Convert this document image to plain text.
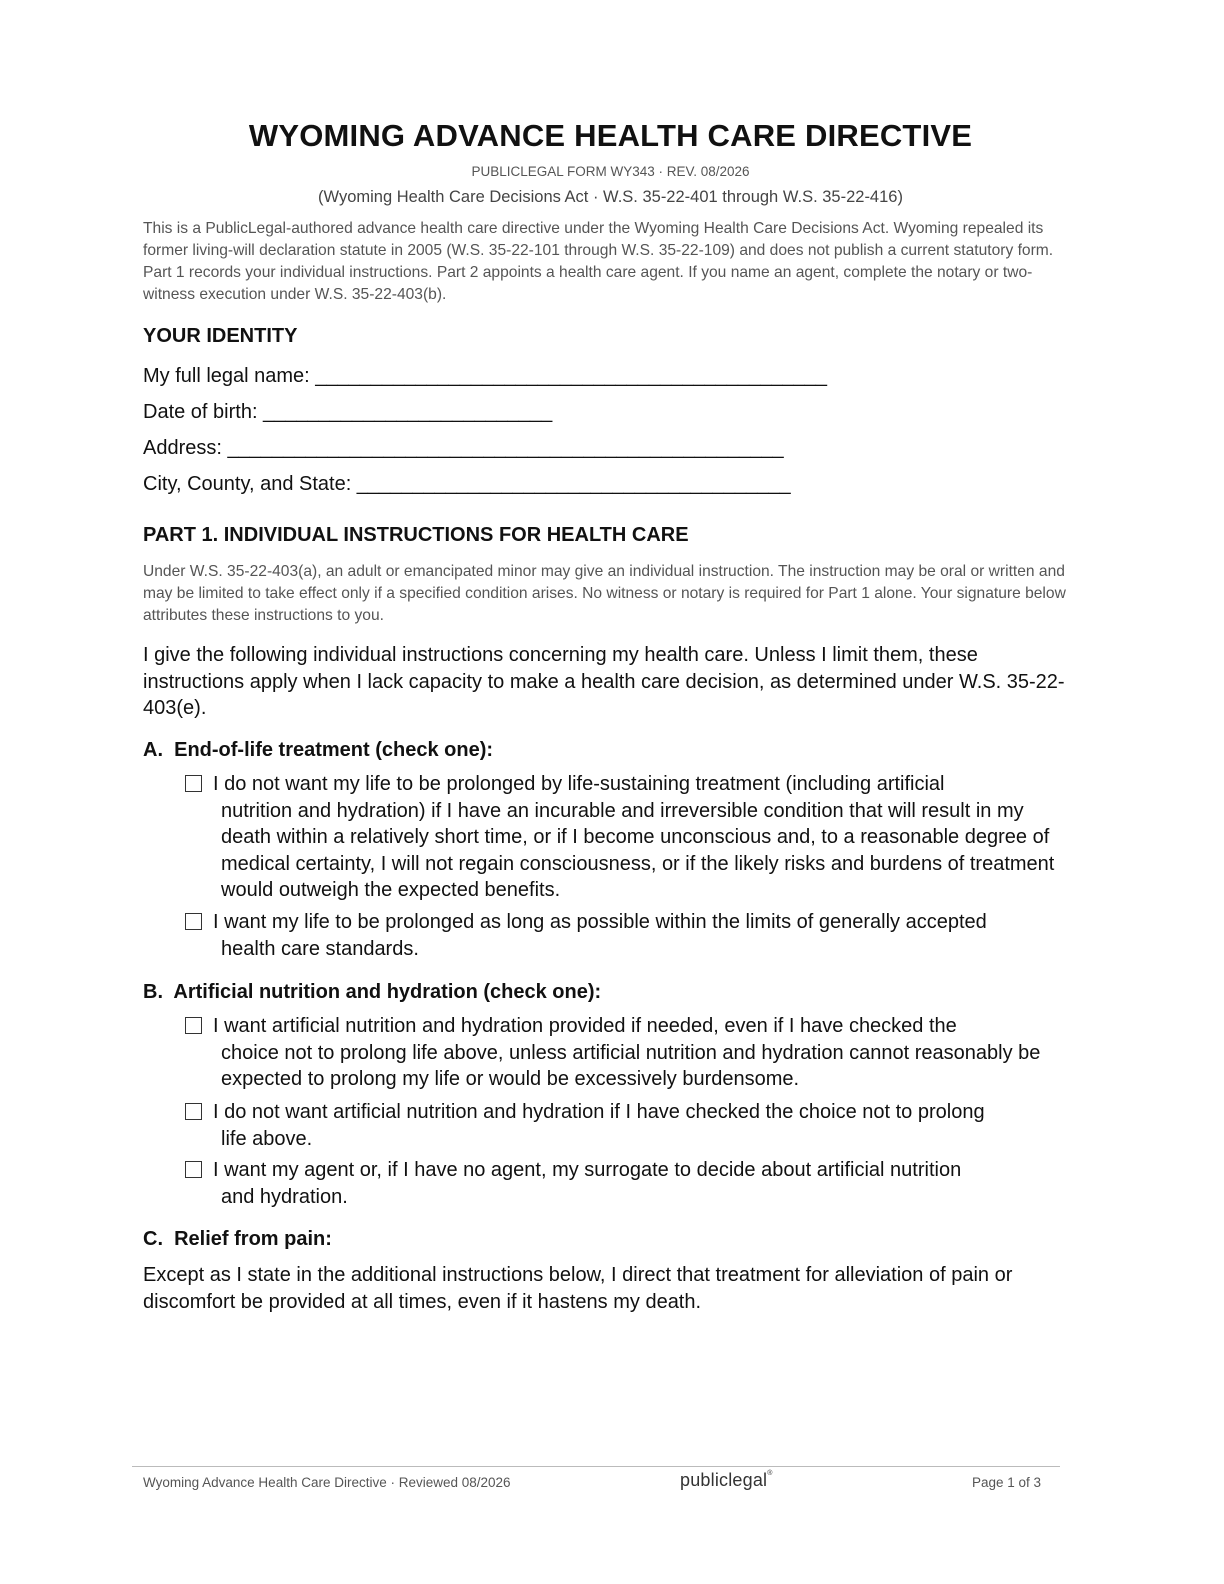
WYOMING ADVANCE HEALTH CARE DIRECTIVE
PUBLICLEGAL FORM WY343 · REV. 08/2026
(Wyoming Health Care Decisions Act · W.S. 35-22-401 through W.S. 35-22-416)
This is a PublicLegal-authored advance health care directive under the Wyoming Health Care Decisions Act. Wyoming repealed its former living-will declaration statute in 2005 (W.S. 35-22-101 through W.S. 35-22-109) and does not publish a current statutory form. Part 1 records your individual instructions. Part 2 appoints a health care agent. If you name an agent, complete the notary or two-witness execution under W.S. 35-22-403(b).
YOUR IDENTITY
My full legal name: ______________________________________________
Date of birth: __________________________
Address: __________________________________________________
City, County, and State: _______________________________________
PART 1. INDIVIDUAL INSTRUCTIONS FOR HEALTH CARE
Under W.S. 35-22-403(a), an adult or emancipated minor may give an individual instruction. The instruction may be oral or written and may be limited to take effect only if a specified condition arises. No witness or notary is required for Part 1 alone. Your signature below attributes these instructions to you.
I give the following individual instructions concerning my health care. Unless I limit them, these instructions apply when I lack capacity to make a health care decision, as determined under W.S. 35-22-403(e).
A.  End-of-life treatment (check one):
I do not want my life to be prolonged by life-sustaining treatment (including artificial
nutrition and hydration) if I have an incurable and irreversible condition that will result in my death within a relatively short time, or if I become unconscious and, to a reasonable degree of medical certainty, I will not regain consciousness, or if the likely risks and burdens of treatment would outweigh the expected benefits.
I want my life to be prolonged as long as possible within the limits of generally accepted
health care standards.
B.  Artificial nutrition and hydration (check one):
I want artificial nutrition and hydration provided if needed, even if I have checked the
choice not to prolong life above, unless artificial nutrition and hydration cannot reasonably be expected to prolong my life or would be excessively burdensome.
I do not want artificial nutrition and hydration if I have checked the choice not to prolong
life above.
I want my agent or, if I have no agent, my surrogate to decide about artificial nutrition
and hydration.
C.  Relief from pain:
Except as I state in the additional instructions below, I direct that treatment for alleviation of pain or discomfort be provided at all times, even if it hastens my death.
Wyoming Advance Health Care Directive · Reviewed 08/2026	publiclegal®
Page 1 of 3
